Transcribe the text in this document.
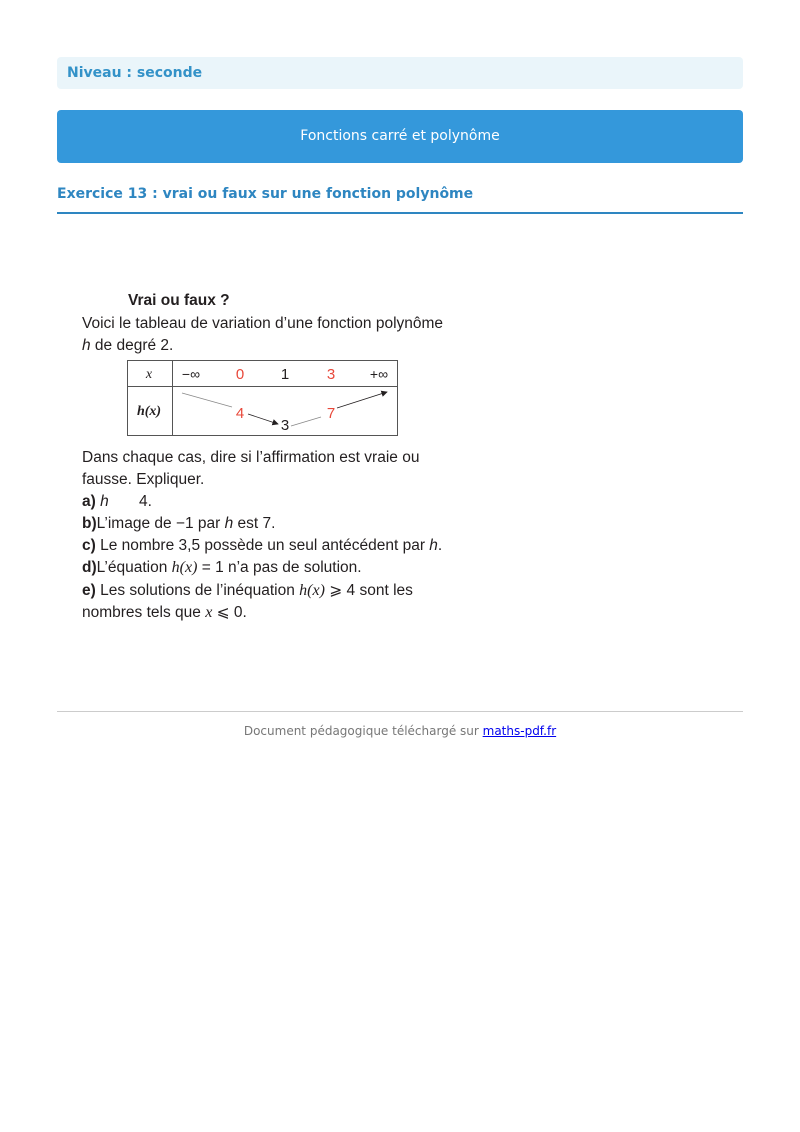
Niveau : seconde
Fonctions carré et polynôme
Exercice 13 : vrai ou faux sur une fonction polynôme
Vrai ou faux ?
Voici le tableau de variation d’une fonction polynôme
h de degré 2.
x
h(x)
−∞ 0 1	3 +∞
4
3
7
Dans chaque cas, dire si l’affirmation est vraie ou
fausse. Expliquer.
a) h 4.
b)L’image de −1 par h est 7.
c) Le nombre 3,5 possède un seul antécédent par h.
d)L’équation h(x) = 1 n’a pas de solution.
e) Les solutions de l’inéquation h(x) ⩾ 4 sont les
nombres tels que x ⩽ 0.
Document pédagogique téléchargé sur maths-pdf.fr
